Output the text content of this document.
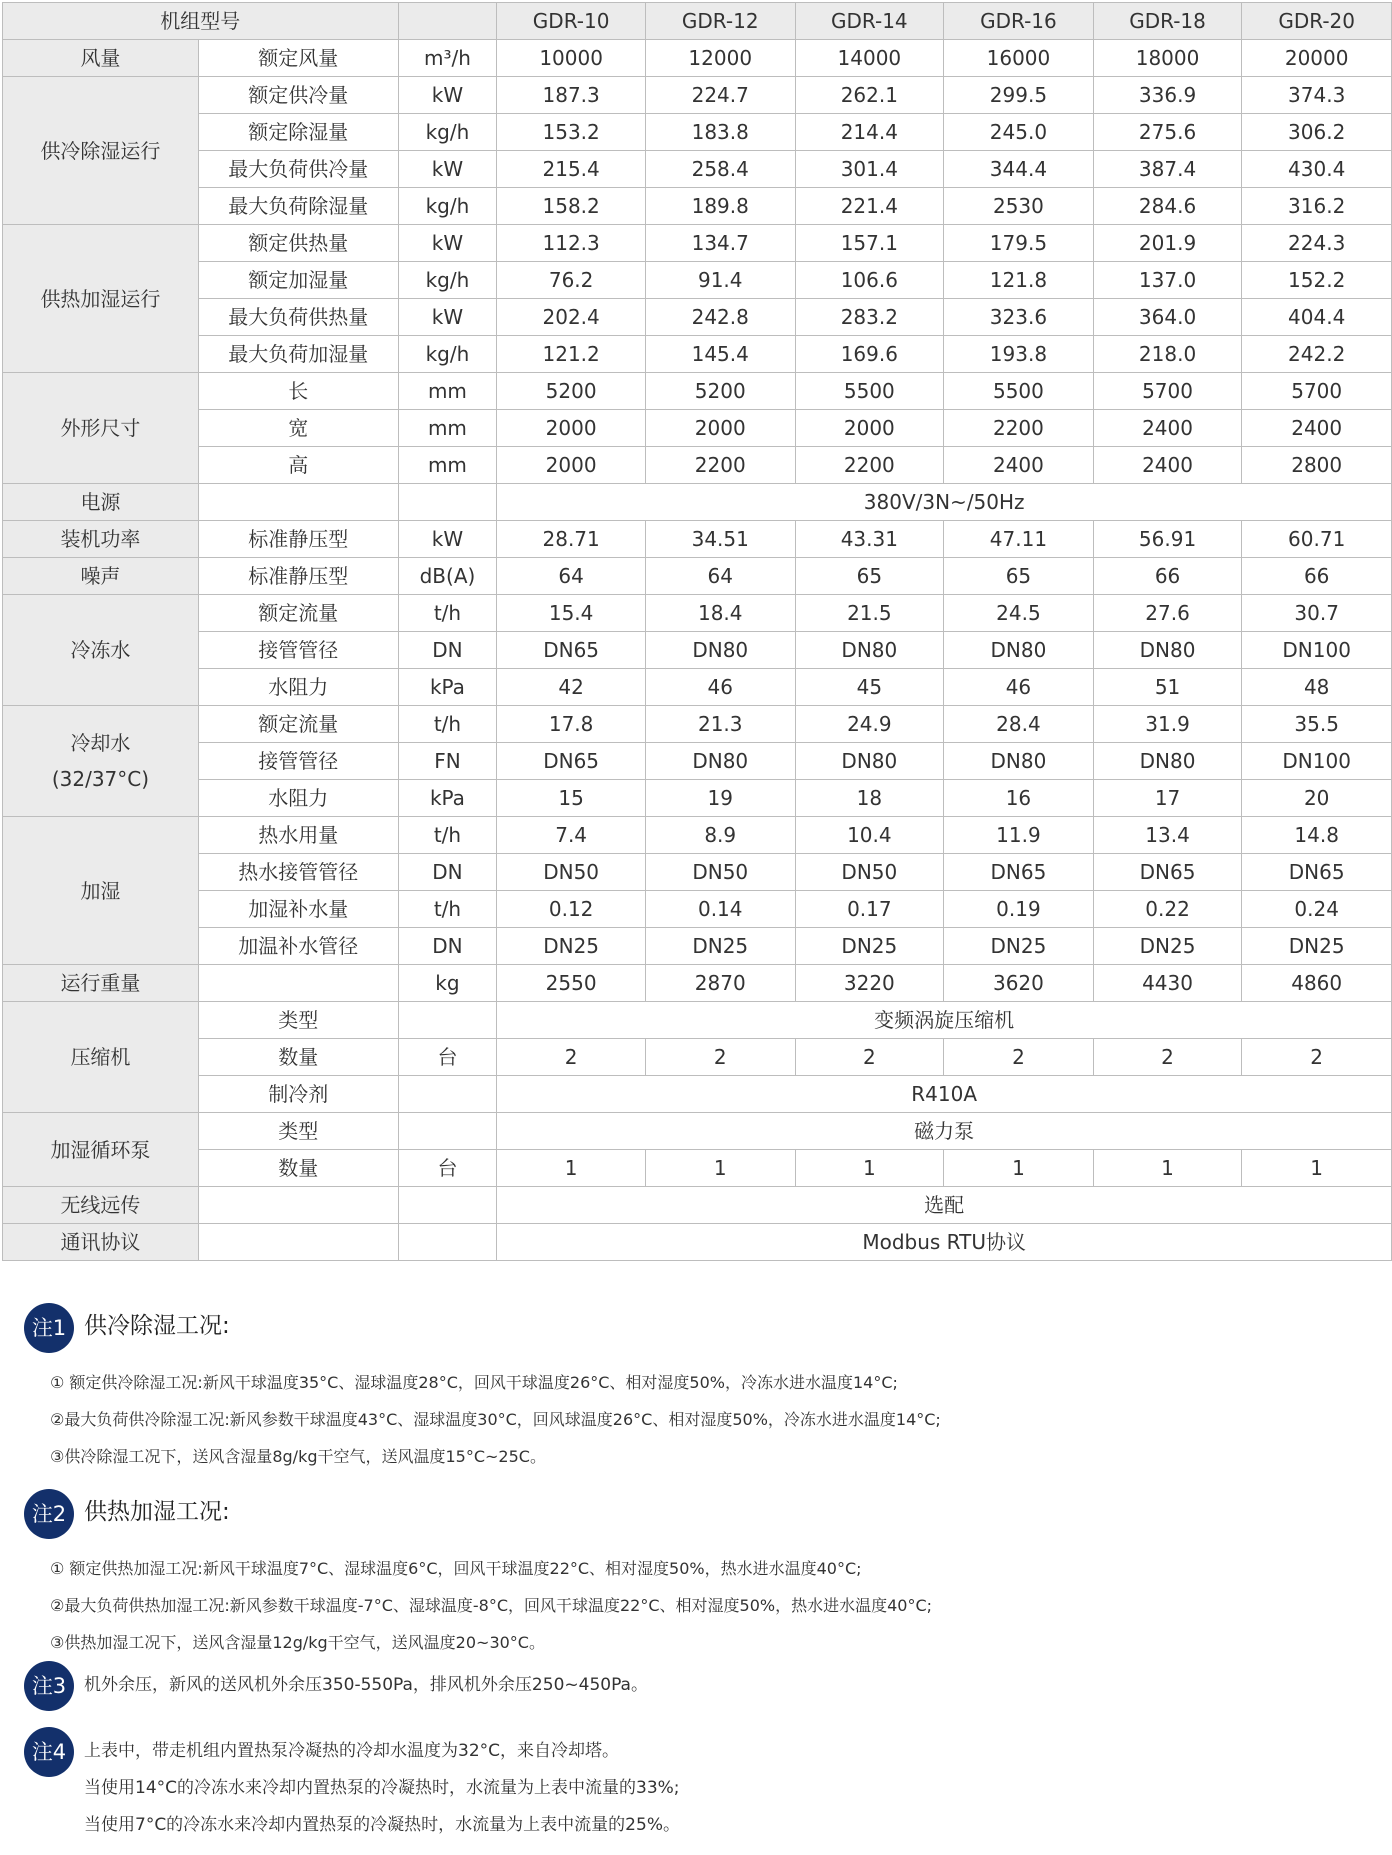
机组型号			GDR-10	GDR-12	GDR-14	GDR-16	GDR-18	GDR-20
风量	额定风量	m³/h	10000	12000	14000	16000	18000	20000
供冷除湿运行	额定供冷量	kW	187.3	224.7	262.1	299.5	336.9	374.3
	额定除湿量	kg/h	153.2	183.8	214.4	245.0	275.6	306.2
	最大负荷供冷量	kW	215.4	258.4	301.4	344.4	387.4	430.4
	最大负荷除湿量	kg/h	158.2	189.8	221.4	2530	284.6	316.2
供热加湿运行	额定供热量	kW	112.3	134.7	157.1	179.5	201.9	224.3
	额定加湿量	kg/h	76.2	91.4	106.6	121.8	137.0	152.2
	最大负荷供热量	kW	202.4	242.8	283.2	323.6	364.0	404.4
	最大负荷加湿量	kg/h	121.2	145.4	169.6	193.8	218.0	242.2
外形尺寸	长	mm	5200	5200	5500	5500	5700	5700
	宽	mm	2000	2000	2000	2200	2400	2400
	高	mm	2000	2200	2200	2400	2400	2800
电源			380V/3N~/50Hz					
装机功率	标准静压型	kW	28.71	34.51	43.31	47.11	56.91	60.71
噪声	标准静压型	dB(A)	64	64	65	65	66	66
冷冻水	额定流量	t/h	15.4	18.4	21.5	24.5	27.6	30.7
	接管管径	DN	DN65	DN80	DN80	DN80	DN80	DN100
	水阻力	kPa	42	46	45	46	51	48
冷却水(32/37°C)	额定流量	t/h	17.8	21.3	24.9	28.4	31.9	35.5
	接管管径	FN	DN65	DN80	DN80	DN80	DN80	DN100
	水阻力	kPa	15	19	18	16	17	20
加湿	热水用量	t/h	7.4	8.9	10.4	11.9	13.4	14.8
	热水接管管径	DN	DN50	DN50	DN50	DN65	DN65	DN65
	加湿补水量	t/h	0.12	0.14	0.17	0.19	0.22	0.24
	加温补水管径	DN	DN25	DN25	DN25	DN25	DN25	DN25
运行重量		kg	2550	2870	3220	3620	4430	4860
压缩机	类型		变频涡旋压缩机					
	数量	台	2	2	2	2	2	2
	制冷剂		R410A					
加湿循环泵	类型		磁力泵					
	数量	台	1	1	1	1	1	1
无线远传			选配					
通讯协议			Modbus RTU协议					
注1 供冷除湿工况:
① 额定供冷除湿工况:新风干球温度35°C、湿球温度28°C，回风干球温度26°C、相对湿度50%，冷冻水进水温度14°C;
②最大负荷供冷除湿工况:新风参数干球温度43°C、湿球温度30°C，回风球温度26°C、相对湿度50%，冷冻水进水温度14°C;
③供冷除湿工况下，送风含湿量8g/kg干空气，送风温度15°C~25C。
注2 供热加湿工况:
① 额定供热加湿工况:新风干球温度7°C、湿球温度6°C，回风干球温度22°C、相对湿度50%，热水进水温度40°C;
②最大负荷供热加湿工况:新风参数干球温度-7°C、湿球温度-8°C，回风干球温度22°C、相对湿度50%，热水进水温度40°C;
③供热加湿工况下，送风含湿量12g/kg干空气，送风温度20~30°C。
注3	机外余压，新风的送风机外余压350-550Pa，排风机外余压250~450Pa。
注4	上表中，带走机组内置热泵冷凝热的冷却水温度为32°C，来自冷却塔。
当使用14°C的冷冻水来冷却内置热泵的冷凝热时，水流量为上表中流量的33%;
当使用7°C的冷冻水来冷却内置热泵的冷凝热时，水流量为上表中流量的25%。
